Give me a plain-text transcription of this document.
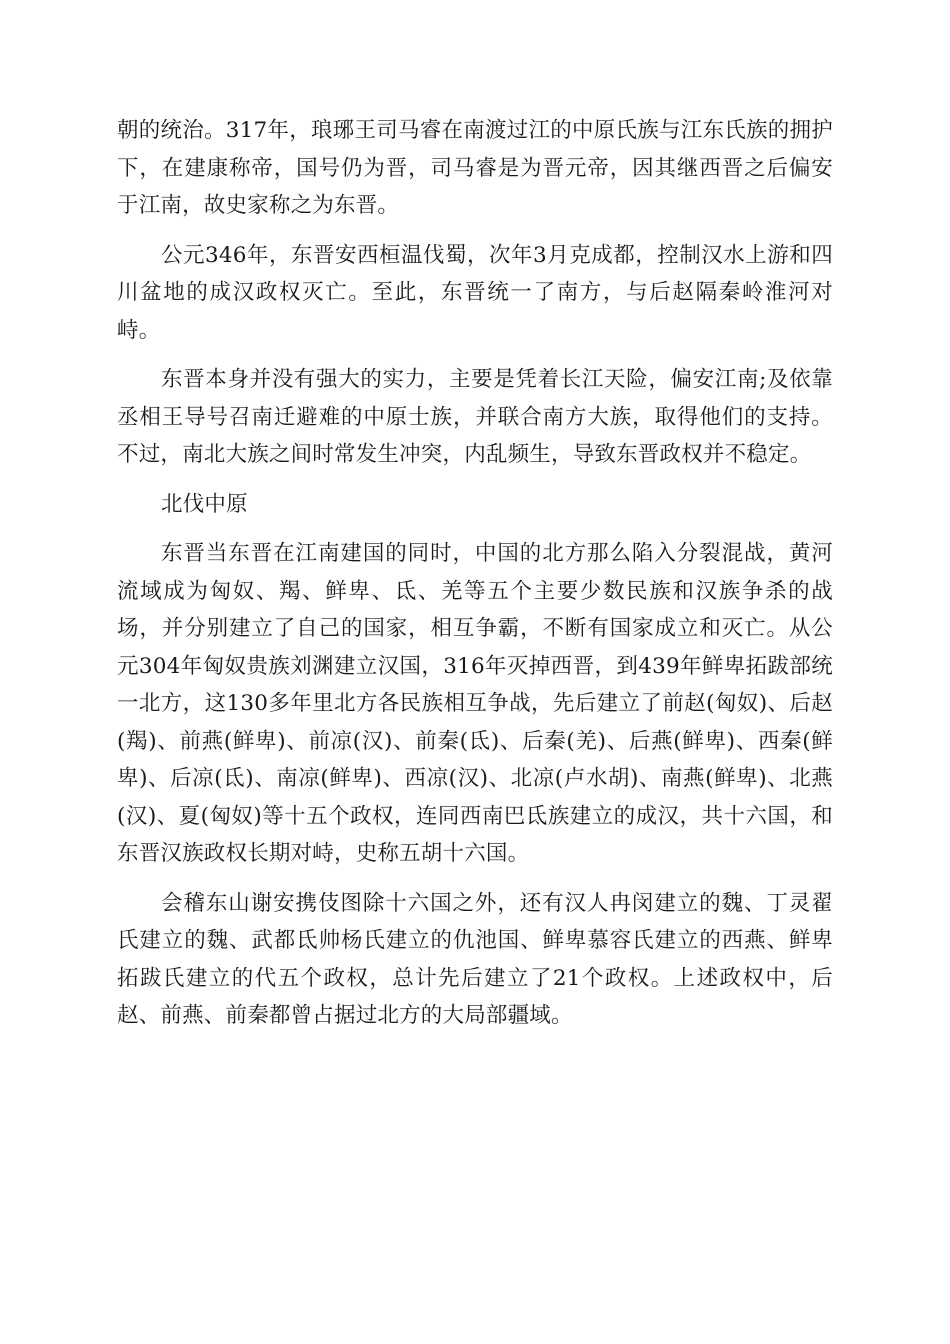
朝的统治。317年，琅琊王司马睿在南渡过江的中原氏族与江东氏族的拥护下，在建康称帝，国号仍为晋，司马睿是为晋元帝，因其继西晋之后偏安于江南，故史家称之为东晋。

公元346年，东晋安西桓温伐蜀，次年3月克成都，控制汉水上游和四川盆地的成汉政权灭亡。至此，东晋统一了南方，与后赵隔秦岭淮河对峙。

东晋本身并没有强大的实力，主要是凭着长江天险，偏安江南;及依靠丞相王导号召南迁避难的中原士族，并联合南方大族，取得他们的支持。不过，南北大族之间时常发生冲突，内乱频生，导致东晋政权并不稳定。

北伐中原

东晋当东晋在江南建国的同时，中国的北方那么陷入分裂混战，黄河流域成为匈奴、羯、鲜卑、氐、羌等五个主要少数民族和汉族争杀的战场，并分别建立了自己的国家，相互争霸，不断有国家成立和灭亡。从公元304年匈奴贵族刘渊建立汉国，316年灭掉西晋，到439年鲜卑拓跋部统一北方，这130多年里北方各民族相互争战，先后建立了前赵(匈奴)、后赵(羯)、前燕(鲜卑)、前凉(汉)、前秦(氐)、后秦(羌)、后燕(鲜卑)、西秦(鲜卑)、后凉(氐)、南凉(鲜卑)、西凉(汉)、北凉(卢水胡)、南燕(鲜卑)、北燕(汉)、夏(匈奴)等十五个政权，连同西南巴氐族建立的成汉，共十六国，和东晋汉族政权长期对峙，史称五胡十六国。

会稽东山谢安携伎图除十六国之外，还有汉人冉闵建立的魏、丁灵翟氏建立的魏、武都氐帅杨氏建立的仇池国、鲜卑慕容氏建立的西燕、鲜卑拓跋氏建立的代五个政权，总计先后建立了21个政权。上述政权中，后赵、前燕、前秦都曾占据过北方的大局部疆域。
